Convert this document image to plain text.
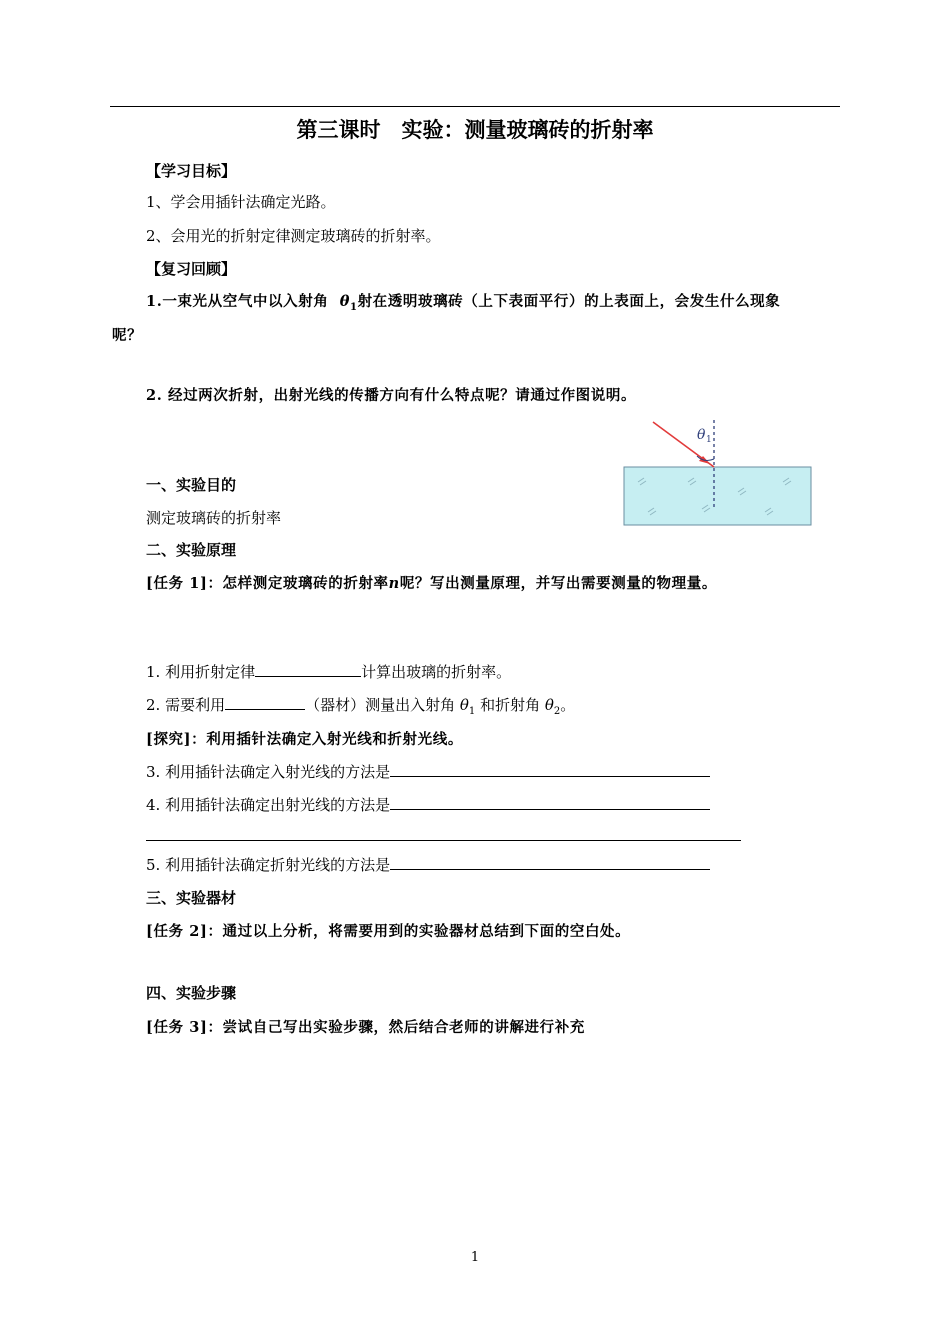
第三课时　实验：测量玻璃砖的折射率
【学习目标】
1、学会用插针法确定光路。
2、会用光的折射定律测定玻璃砖的折射率。
【复习回顾】
1.一束光从空气中以入射角 $\theta_1$射在透明玻璃砖（上下表面平行）的上表面上，会发生什么现象
呢？
2. 经过两次折射，出射光线的传播方向有什么特点呢？请通过作图说明。
θ 1
一、实验目的
测定玻璃砖的折射率
二、实验原理
[任务 1]：怎样测定玻璃砖的折射率n呢？写出测量原理，并写出需要测量的物理量。
1. 利用折射定律	计算出玻璃的折射率。
2. 需要利用	（器材）测量出入射角 $\theta_1$ 和折射角 $\theta_2$。
[探究]：利用插针法确定入射光线和折射光线。
3. 利用插针法确定入射光线的方法是
4. 利用插针法确定出射光线的方法是
5. 利用插针法确定折射光线的方法是
三、实验器材
[任务 2]：通过以上分析，将需要用到的实验器材总结到下面的空白处。
四、实验步骤
[任务 3]：尝试自己写出实验步骤，然后结合老师的讲解进行补充
1
